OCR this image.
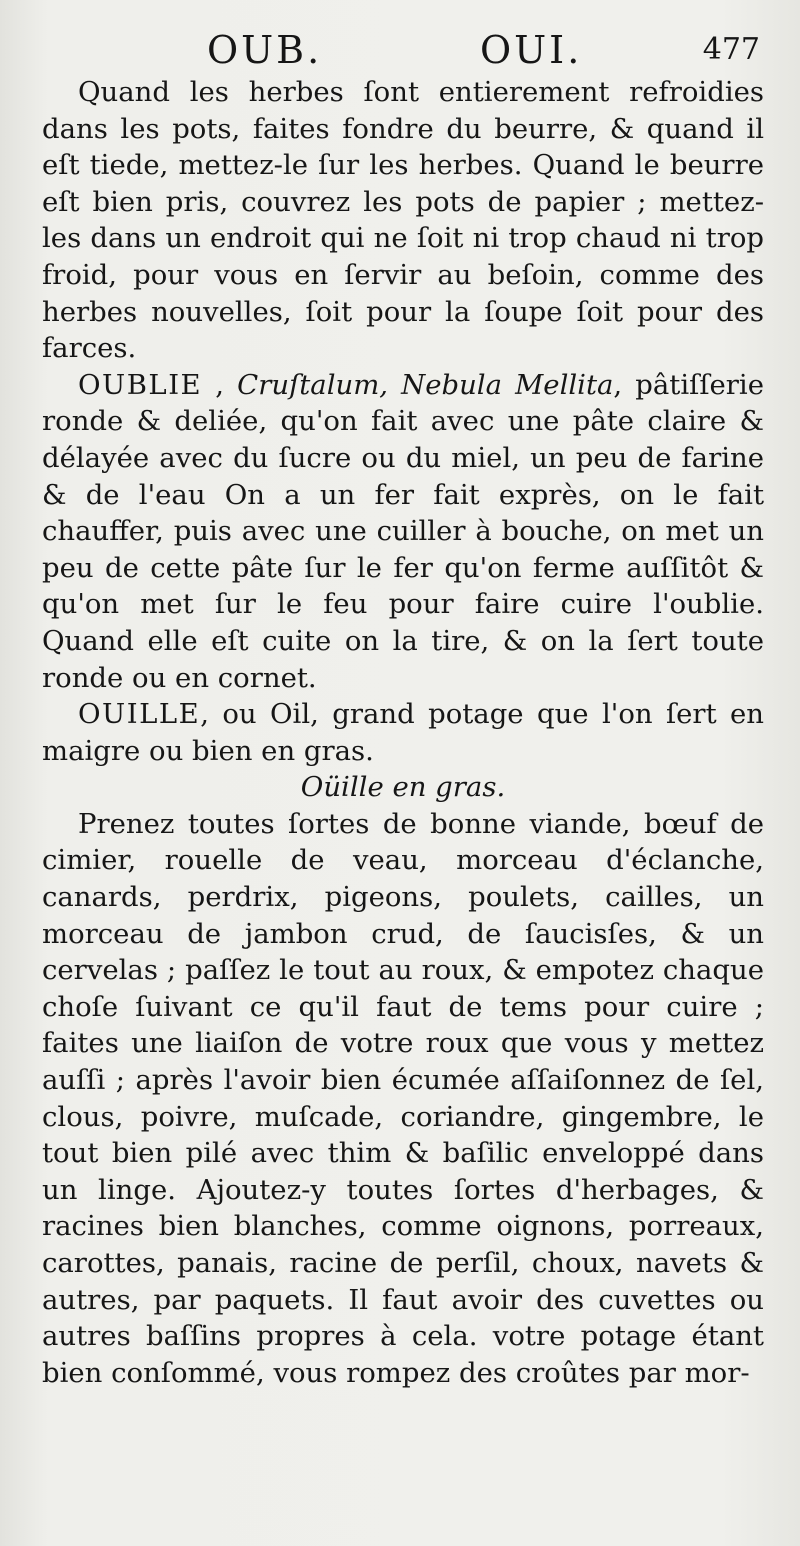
OUB.	OUI.	477

Quand les herbes ſont entierement refroidies dans les pots, faites fondre du beurre, & quand il eſt tiede, mettez-le ſur les herbes. Quand le beurre eſt bien pris, couvrez les pots de papier ; mettez-les dans un endroit qui ne ſoit ni trop chaud ni trop froid, pour vous en ſervir au beſoin, comme des herbes nouvelles, ſoit pour la ſoupe ſoit pour des farces.

OUBLIE , Cruſtalum, Nebula Mellita, pâtiſſerie ronde & deliée, qu'on fait avec une pâte claire & délayée avec du ſucre ou du miel, un peu de farine & de l'eau On a un fer fait exprès, on le fait chauffer, puis avec une cuiller à bouche, on met un peu de cette pâte ſur le fer qu'on ferme auſſitôt & qu'on met ſur le feu pour faire cuire l'oublie. Quand elle eſt cuite on la tire, & on la ſert toute ronde ou en cornet.

OUILLE, ou Oil, grand potage que l'on ſert en maigre ou bien en gras.

Oüille en gras.

Prenez toutes ſortes de bonne viande, bœuf de cimier, rouelle de veau, morceau d'éclanche, canards, perdrix, pigeons, poulets, cailles, un morceau de jambon crud, de ſaucisſes, & un cervelas ; paſſez le tout au roux, & empotez chaque choſe ſuivant ce qu'il faut de tems pour cuire ; faites une liaiſon de votre roux que vous y mettez auſſi ; après l'avoir bien écumée aſſaiſonnez de ſel, clous, poivre, muſcade, coriandre, gingembre, le tout bien pilé avec thim & baſilic enveloppé dans un linge. Ajoutez-y toutes ſortes d'herbages, & racines bien blanches, comme oignons, porreaux, carottes, panais, racine de perſil, choux, navets & autres, par paquets. Il faut avoir des cuvettes ou autres baſſins propres à cela. votre potage étant bien conſommé, vous rompez des croûtes par mor-
